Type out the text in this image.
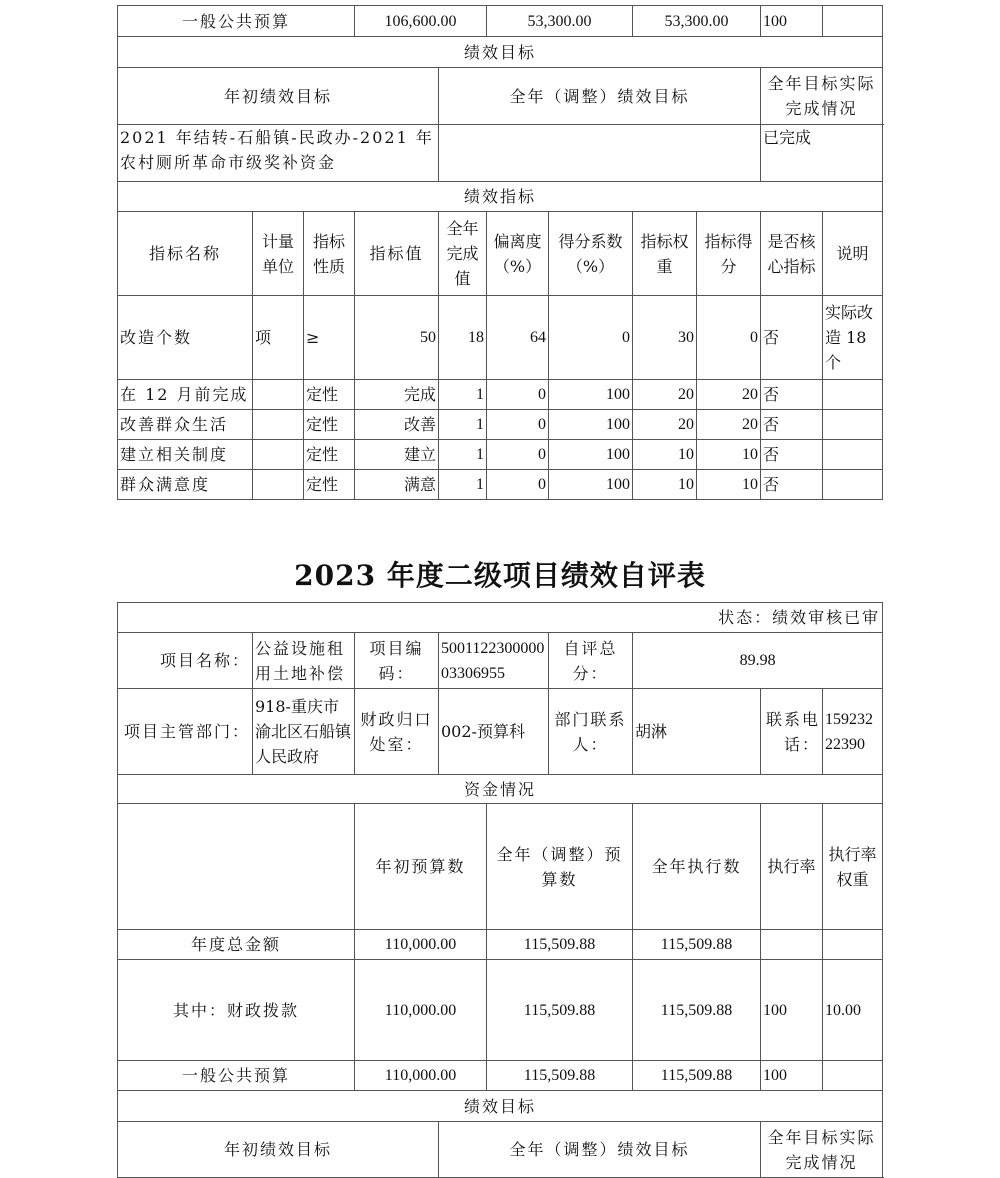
一般公共预算			106,600.00		53,300.00		53,300.00		100		
绩效目标											
年初绩效目标				全年（调整）绩效目标					全年目标实际完成情况		
2021 年结转-石船镇-民政办-2021 年农村厕所革命市级奖补资金									已完成		
绩效指标											
指标名称	计量单位	指标性质	指标值	全年完成值	偏离度（%）	得分系数（%）	指标权重	指标得分	是否核心指标	说明	
改造个数	项	≥	50	18	64	0	30	0	否	实际改造 18 个	
在 12 月前完成		定性	完成	1	0	100	20	20	否		
改善群众生活		定性	改善	1	0	100	20	20	否		
建立相关制度		定性	建立	1	0	100	10	10	否		
群众满意度		定性	满意	1	0	100	10	10	否		
2023 年度二级项目绩效自评表
状态：绩效审核已审									
项目名称：	公益设施租用土地补偿	项目编码：	500112230000003306955		自评总分：	89.98			
项目主管部门：	918-重庆市渝北区石船镇人民政府	财政归口处室：	002-预算科		部门联系人：	胡淋	联系电话：	15923222390	
资金情况									
		年初预算数		全年（调整）预算数		全年执行数	执行率	执行率权重	
年度总金额		110,000.00		115,509.88		115,509.88			
其中：财政拨款		110,000.00		115,509.88		115,509.88	100	10.00	
一般公共预算		110,000.00		115,509.88		115,509.88	100		
绩效目标									
年初绩效目标			全年（调整）绩效目标				全年目标实际完成情况		
